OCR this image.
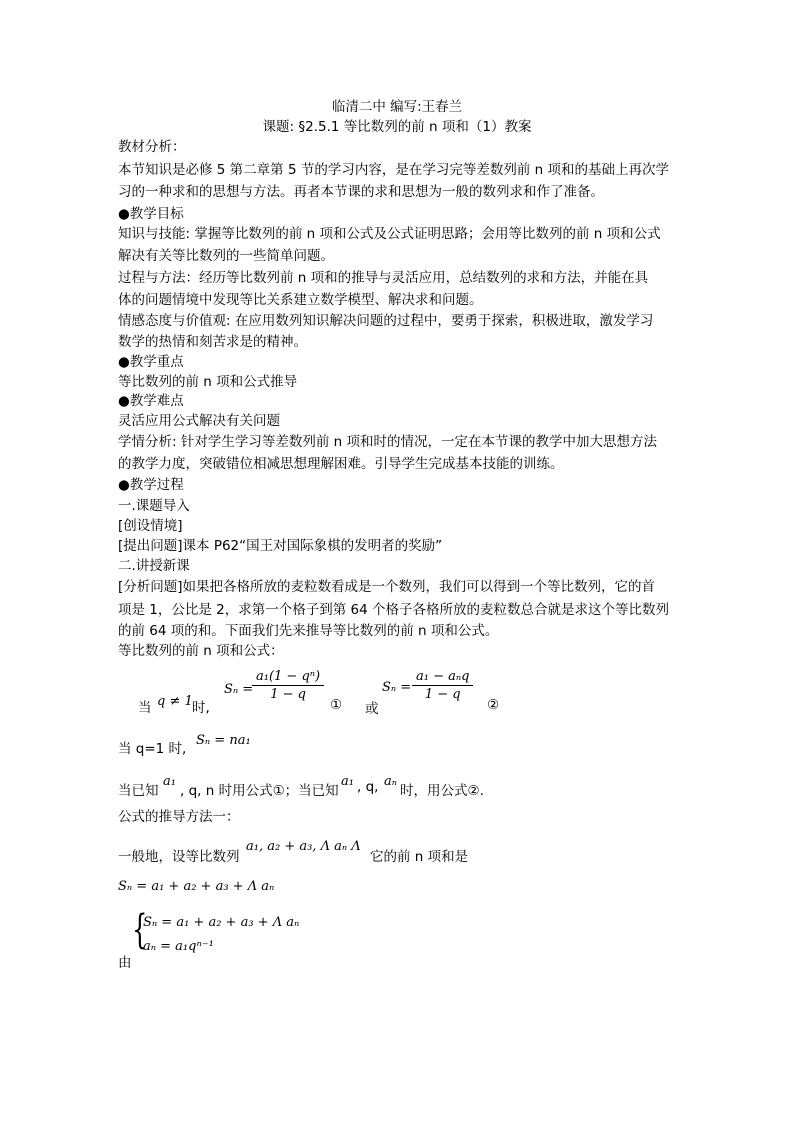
临清二中 编写:王春兰
课题: §2.5.1 等比数列的前 n 项和（1）教案
教材分析：
本节知识是必修 5 第二章第 5 节的学习内容，是在学习完等差数列前 n 项和的基础上再次学
习的一种求和的思想与方法。再者本节课的求和思想为一般的数列求和作了准备。
●教学目标
知识与技能: 掌握等比数列的前 n 项和公式及公式证明思路；会用等比数列的前 n 项和公式
解决有关等比数列的一些简单问题。
过程与方法：经历等比数列前 n 项和的推导与灵活应用，总结数列的求和方法，并能在具
体的问题情境中发现等比关系建立数学模型、解决求和问题。
情感态度与价值观: 在应用数列知识解决问题的过程中，要勇于探索，积极进取，激发学习
数学的热情和刻苦求是的精神。
●教学重点
等比数列的前 n 项和公式推导
●教学难点
灵活应用公式解决有关问题
学情分析: 针对学生学习等差数列前 n 项和时的情况，一定在本节课的教学中加大思想方法
的教学力度，突破错位相减思想理解困难。引导学生完成基本技能的训练。
●教学过程
一.课题导入
[创设情境]
[提出问题]课本 P62“国王对国际象棋的发明者的奖励”
二.讲授新课
[分析问题]如果把各格所放的麦粒数看成是一个数列，我们可以得到一个等比数列，它的首
项是 1，公比是 2，求第一个格子到第 64 个格子各格所放的麦粒数总合就是求这个等比数列
的前 64 项的和。下面我们先来推导等比数列的前 n 项和公式。
等比数列的前 n 项和公式：
当 q ≠ 1 时,
Sₙ =
$\frac{\text{a₁(1 − qⁿ)}}{1 - q}$
① 或
Sₙ =
a₁ − aₙq
1 − q
②
当 q=1 时,
Sₙ = na₁
当已知
a₁
, q, n 时用公式①；当已知
a₁ , q, aₙ
时，用公式②.
公式的推导方法一：
一般地，设等比数列
a₁, a₂ + a₃, Λ aₙ Λ
它的前 n 项和是
Sₙ = a₁ + a₂ + a₃ + Λ aₙ
{
Sₙ = a₁ + a₂ + a₃ + Λ aₙ
aₙ = a₁qⁿ⁻¹
由
